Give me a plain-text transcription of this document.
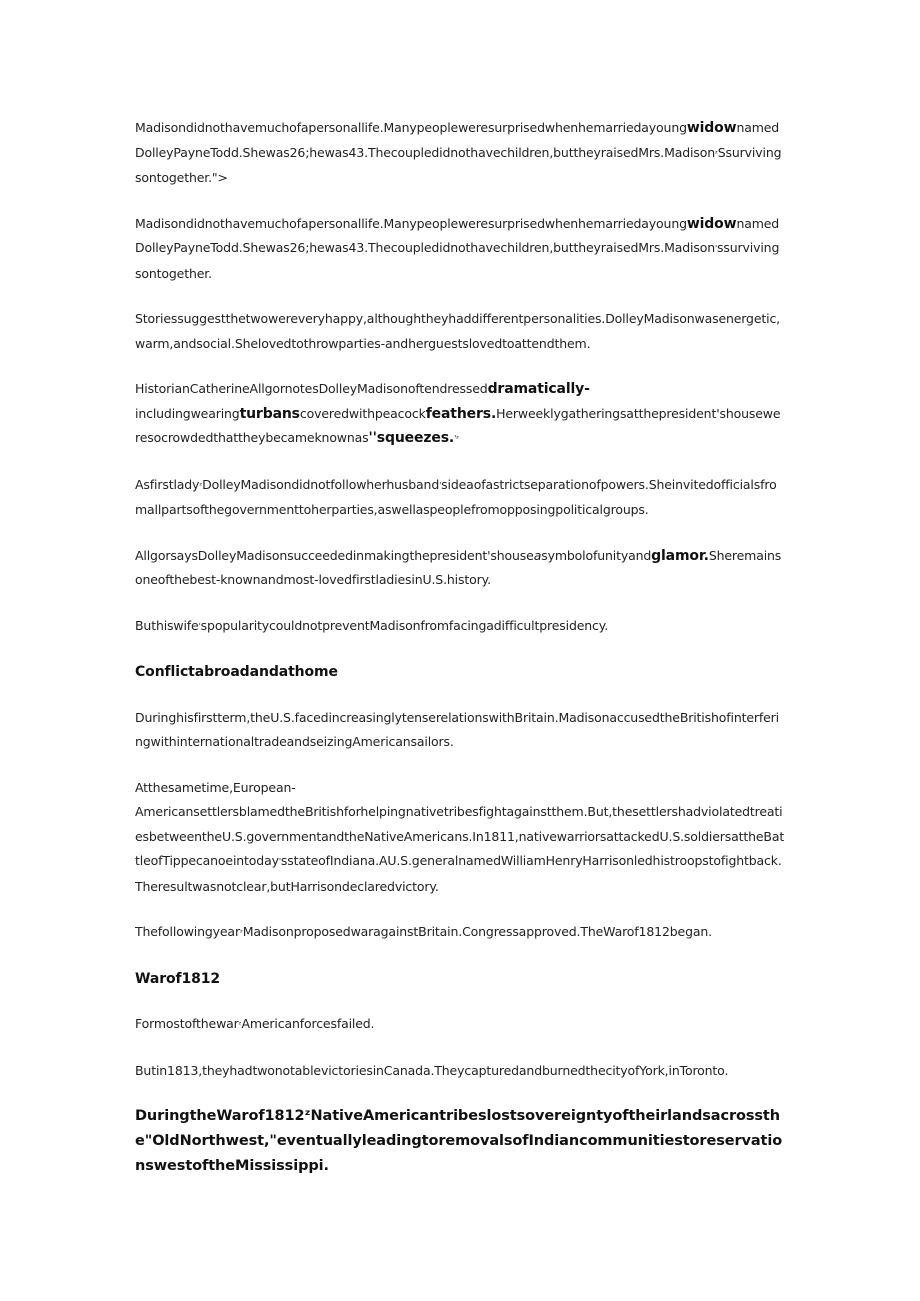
Madisondidnothavemuchofapersonallife.ManypeopleweresurprisedwhenhemarriedayoungwidownamedDolleyPayneTodd.Shewas26;hewas43.Thecoupledidnothavechildren,buttheyraisedMrs.MadisonᶻSsurvivingsontogether.">

Madisondidnothavemuchofapersonallife.ManypeopleweresurprisedwhenhemarriedayoungwidownamedDolleyPayneTodd.Shewas26;hewas43.Thecoupledidnothavechildren,buttheyraisedMrs.Madison'ssurvivingsontogether.

Storiessuggestthetwowereveryhappy,althoughtheyhaddifferentpersonalities.DolleyMadisonwasenergetic,warm,andsocial.Shelovedtothrowparties-andherguestslovedtoattendthem.

HistorianCatherineAllgornotesDolleyMadisonoftendresseddramatically-
includingwearingturbanscoveredwithpeacockfeathers.Herweeklygatheringsatthepresident'shouseweresocrowdedthattheybecameknownas''squeezes.'ᶻ

AsfirstladyᶻDolleyMadisondidnotfollowherhusband'sideaofastrictseparationofpowers.Sheinvitedofficialsfromallpartsofthegovernmenttoherparties,aswellaspeoplefromopposingpoliticalgroups.

AllgorsaysDolleyMadisonsucceededinmakingthepresident'shouseasymbolofunityandglamor.Sheremainsoneofthebest-knownandmost-lovedfirstladiesinU.S.history.

Buthiswife'spopularitycouldnotpreventMadisonfromfacingadifficultpresidency.

Conflictabroadandathome

Duringhisfirstterm,theU.S.facedincreasinglytenserelationswithBritain.MadisonaccusedtheBritishofinterferingwithinternationaltradeandseizingAmericansailors.

Atthesametime,European-
AmericansettlersblamedtheBritishforhelpingnativetribesfightagainstthem.But,thesettlershadviolatedtreatiesbetweentheU.S.governmentandtheNativeAmericans.In1811,nativewarriorsattackedU.S.soldiersattheBattleofTippecanoeintoday'sstateofIndiana.AU.S.generalnamedWilliamHenryHarrisonledhistroopstofightback.Theresultwasnotclear,butHarrisondeclaredvictory.

ThefollowingyearᶻMadisonproposedwaragainstBritain.Congressapproved.TheWarof1812began.

Warof1812

FormostofthewarᶻAmericanforcesfailed.

Butin1813,theyhadtwonotablevictoriesinCanada.TheycapturedandburnedthecityofYork,inToronto.

DuringtheWarof1812ᶻNativeAmericantribeslostsovereigntyoftheirlandsacrossthe"OldNorthwest,"eventuallyleadingtoremovalsofIndiancommunitiestoreservationswestoftheMississippi.
